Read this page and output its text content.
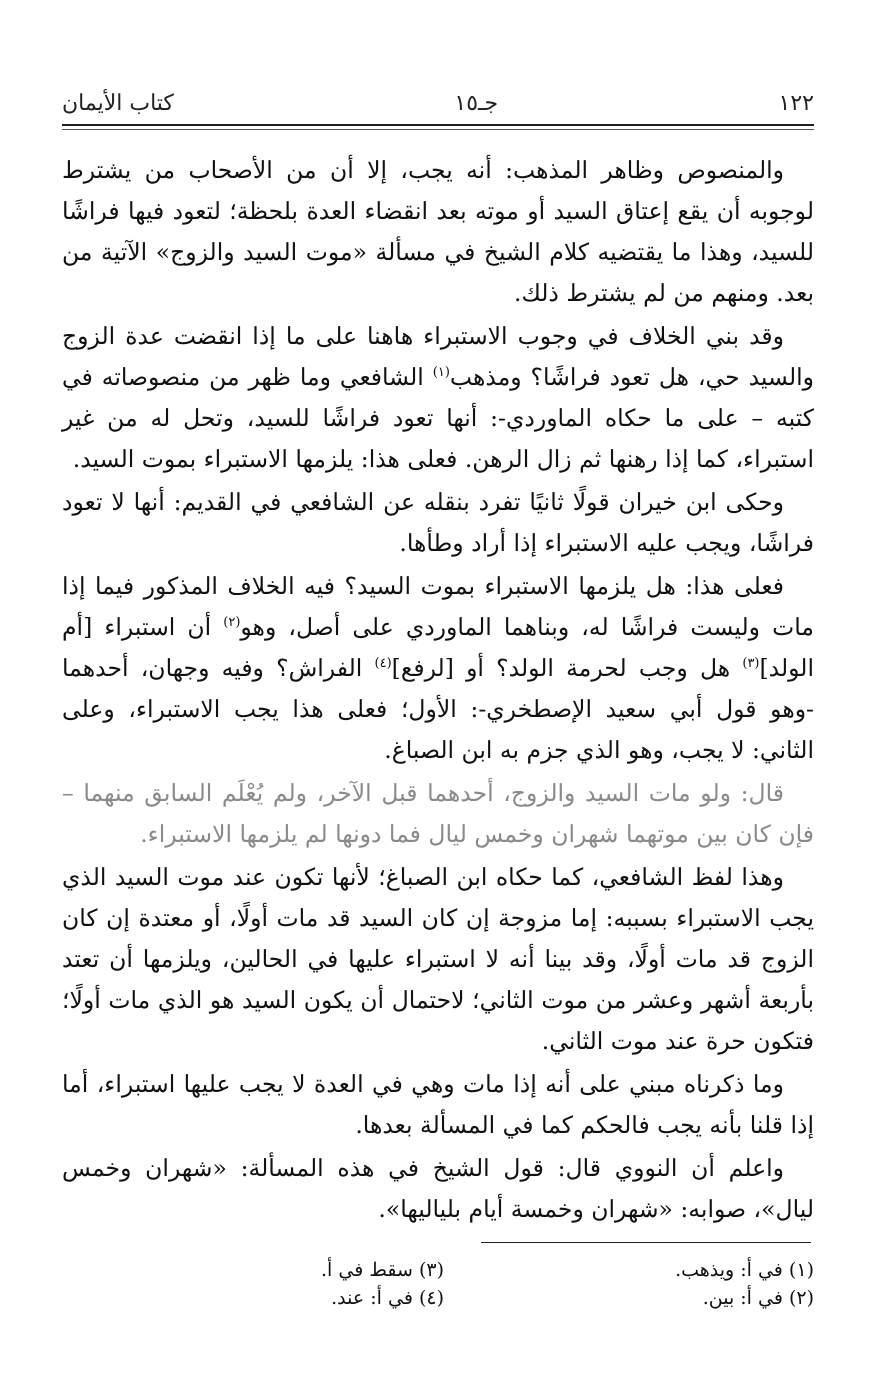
١٢٢
جـ١٥
كتاب الأيمان

والمنصوص وظاهر المذهب: أنه يجب، إلا أن من الأصحاب من يشترط لوجوبه أن يقع إعتاق السيد أو موته بعد انقضاء العدة بلحظة؛ لتعود فيها فراشًا للسيد، وهذا ما يقتضيه كلام الشيخ في مسألة «موت السيد والزوج» الآتية من بعد. ومنهم من لم يشترط ذلك.

وقد بني الخلاف في وجوب الاستبراء هاهنا على ما إذا انقضت عدة الزوج والسيد حي، هل تعود فراشًا؟ ومذهب$^{(١)}$ الشافعي وما ظهر من منصوصاته في كتبه – على ما حكاه الماوردي-: أنها تعود فراشًا للسيد، وتحل له من غير استبراء، كما إذا رهنها ثم زال الرهن. فعلى هذا: يلزمها الاستبراء بموت السيد.

وحكى ابن خيران قولًا ثانيًا تفرد بنقله عن الشافعي في القديم: أنها لا تعود فراشًا، ويجب عليه الاستبراء إذا أراد وطأها.

فعلى هذا: هل يلزمها الاستبراء بموت السيد؟ فيه الخلاف المذكور فيما إذا مات وليست فراشًا له، وبناهما الماوردي على أصل، وهو$^{(٢)}$ أن استبراء [أم الولد]$^{(٣)}$ هل وجب لحرمة الولد؟ أو [لرفع]$^{(٤)}$ الفراش؟ وفيه وجهان، أحدهما -وهو قول أبي سعيد الإصطخري-: الأول؛ فعلى هذا يجب الاستبراء، وعلى الثاني: لا يجب، وهو الذي جزم به ابن الصباغ.

قال: ولو مات السيد والزوج، أحدهما قبل الآخر، ولم يُعْلَم السابق منهما – فإن كان بين موتهما شهران وخمس ليال فما دونها لم يلزمها الاستبراء.

وهذا لفظ الشافعي، كما حكاه ابن الصباغ؛ لأنها تكون عند موت السيد الذي يجب الاستبراء بسببه: إما مزوجة إن كان السيد قد مات أولًا، أو معتدة إن كان الزوج قد مات أولًا، وقد بينا أنه لا استبراء عليها في الحالين، ويلزمها أن تعتد بأربعة أشهر وعشر من موت الثاني؛ لاحتمال أن يكون السيد هو الذي مات أولًا؛ فتكون حرة عند موت الثاني.

وما ذكرناه مبني على أنه إذا مات وهي في العدة لا يجب عليها استبراء، أما إذا قلنا بأنه يجب فالحكم كما في المسألة بعدها.

واعلم أن النووي قال: قول الشيخ في هذه المسألة: «شهران وخمس ليال»، صوابه: «شهران وخمسة أيام بلياليها».

(١) في أ: ويذهب.
(٣) سقط في أ.
(٢) في أ: بين.
(٤) في أ: عند.
